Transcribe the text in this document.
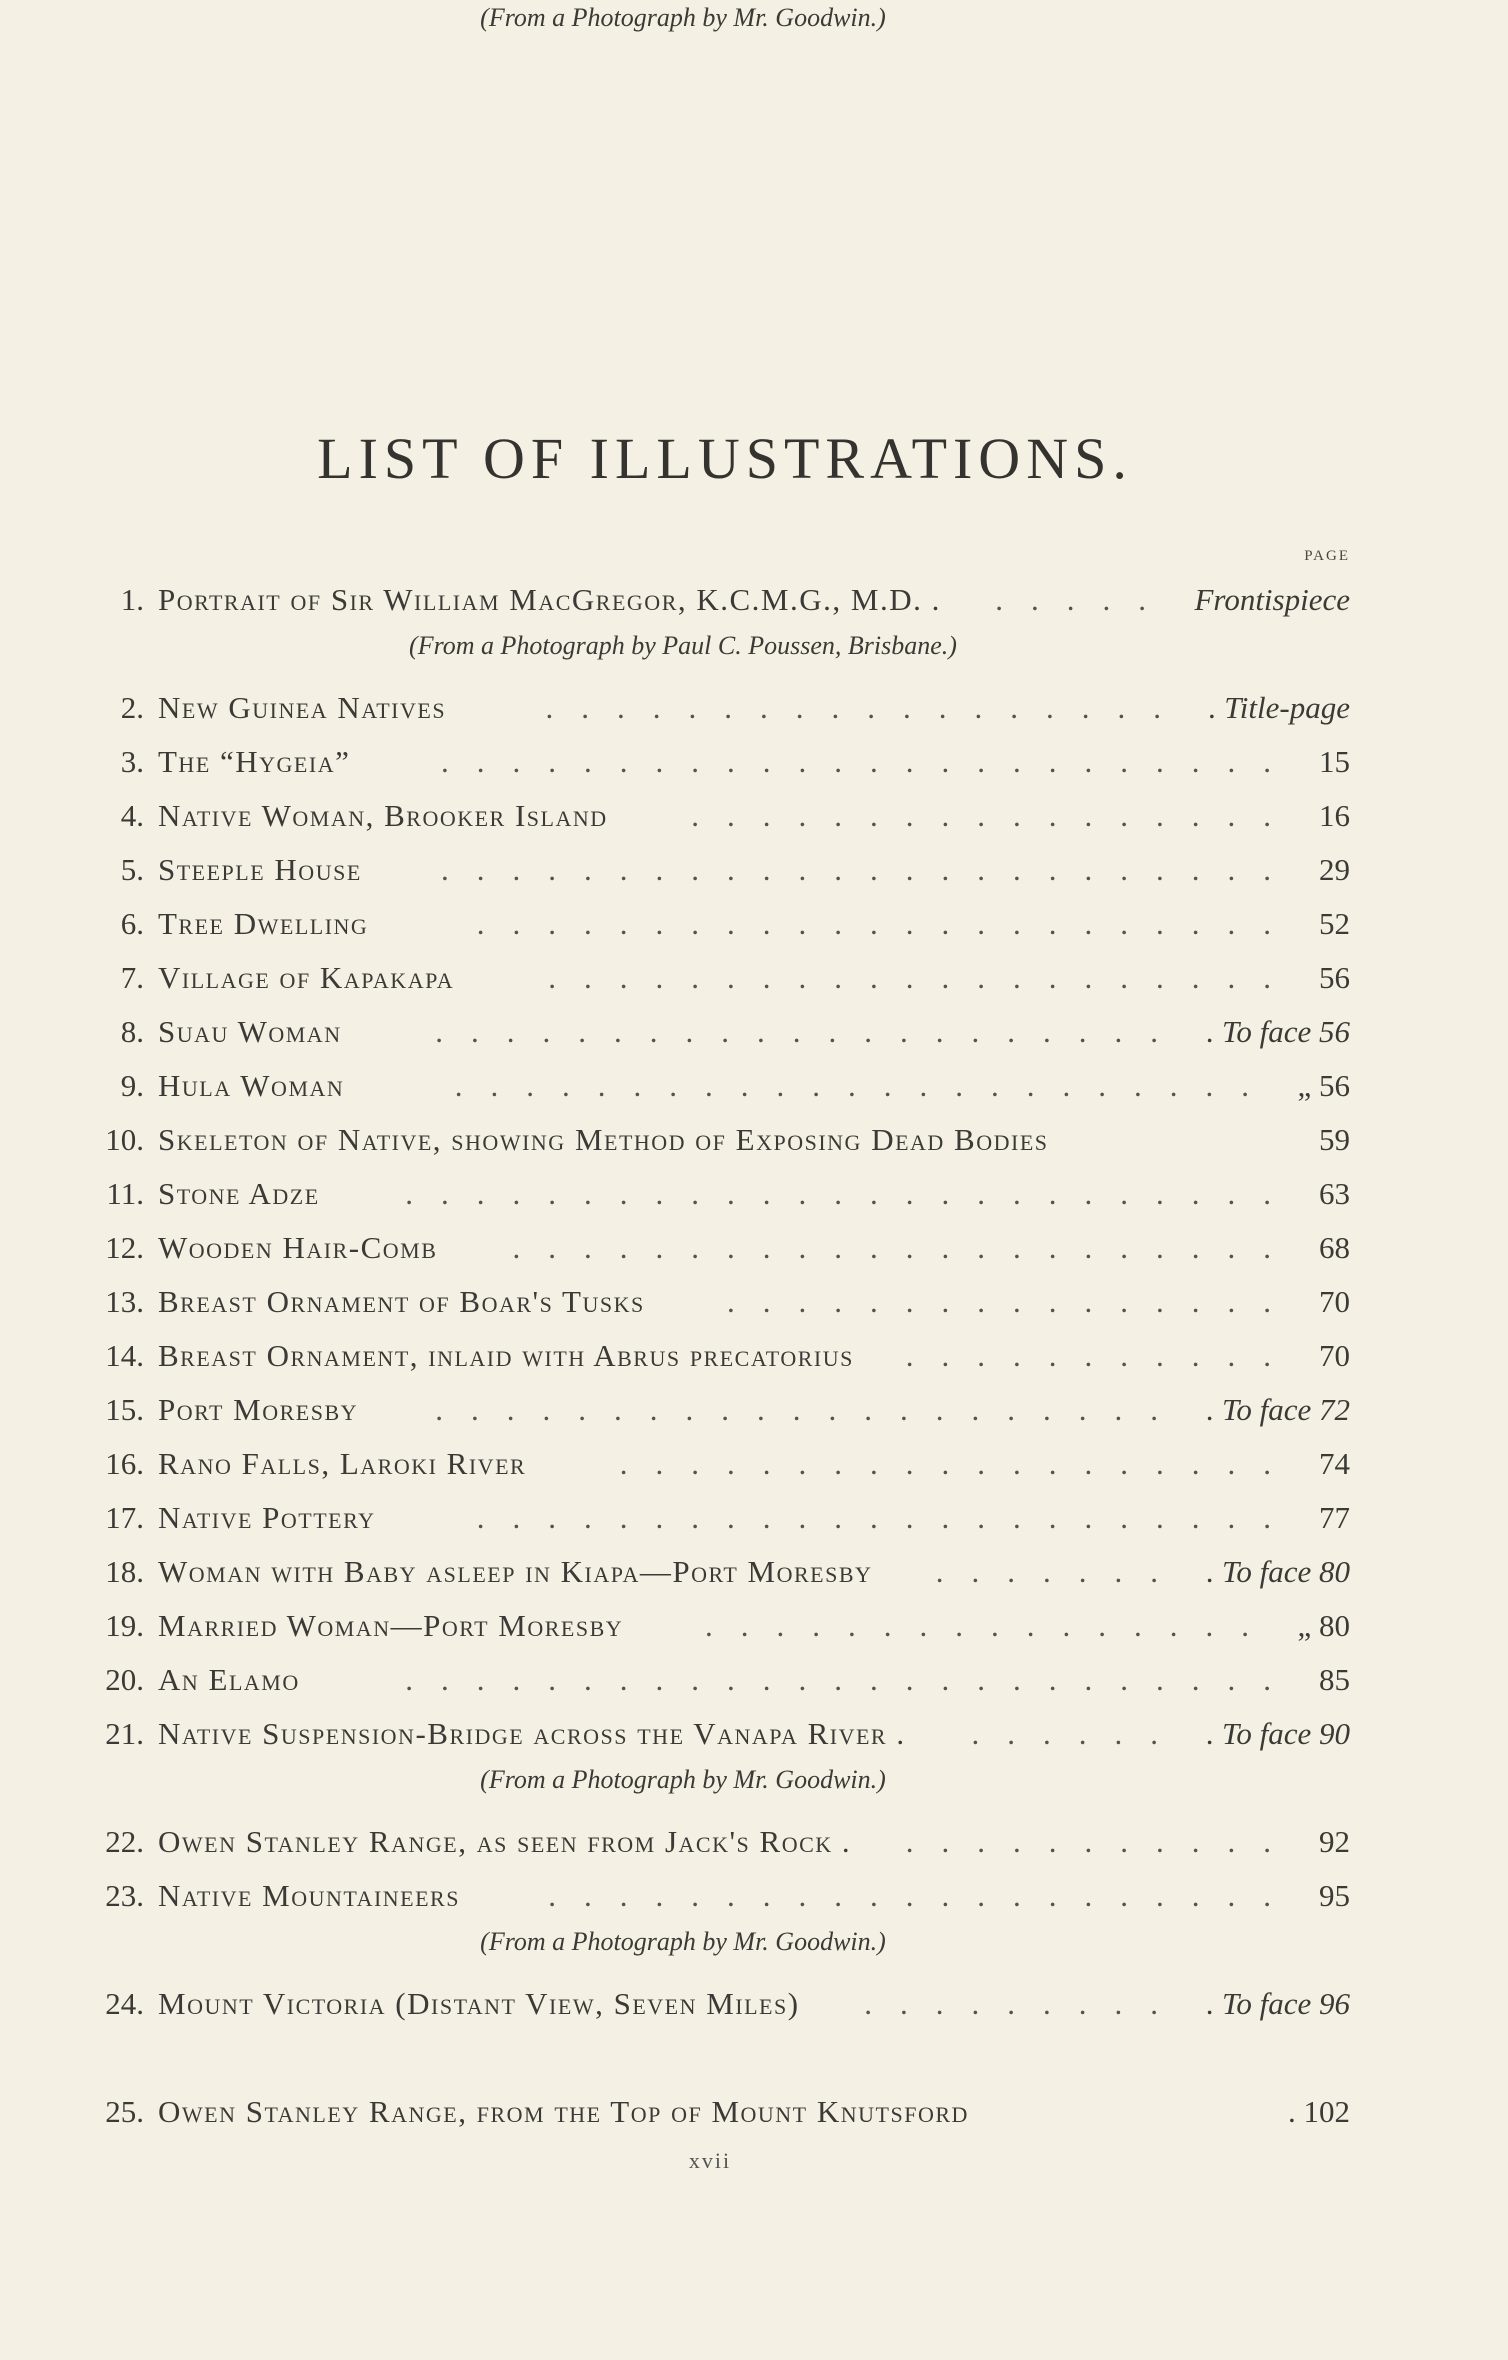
LIST OF ILLUSTRATIONS.
PAGE
1. Portrait of Sir William MacGregor, K.C.M.G., M.D. .	Frontispiece
.....
(From a Photograph by Paul C. Poussen, Brisbane.)
2. New Guinea Natives	. Title-page
..................
3. The “Hygeia”	15
........................
4. Native Woman, Brooker Island	16
.................
5. Steeple House	29
........................
6. Tree Dwelling	52
.......................
7. Village of Kapakapa	56
.....................
8. Suau Woman	. To face 56
.....................
9. Hula Woman	„ 56
.......................
10. Skeleton of Native, showing Method of Exposing Dead Bodies	59
11. Stone Adze	63
.........................
12. Wooden Hair-Comb	68
......................
13. Breast Ornament of Boar's Tusks	70
................
14. Breast Ornament, inlaid with Abrus precatorius	70
...........
15. Port Moresby	. To face 72
.....................
16. Rano Falls, Laroki River	74
...................
17. Native Pottery	77
.......................
18. Woman with Baby asleep in Kiapa—Port Moresby	. To face 80
.......
19. Married Woman—Port Moresby	„ 80
................
20. An Elamo	85
.........................
21. Native Suspension-Bridge across the Vanapa River .	. To face 90
......
(From a Photograph by Mr. Goodwin.)
22. Owen Stanley Range, as seen from Jack's Rock .	92
...........
23. Native Mountaineers	95
.....................
(From a Photograph by Mr. Goodwin.)
24. Mount Victoria (Distant View, Seven Miles)	. To face 96
.........
(From a Photograph by Mr. Goodwin.)
25. Owen Stanley Range, from the Top of Mount Knutsford	. 102
xvii
